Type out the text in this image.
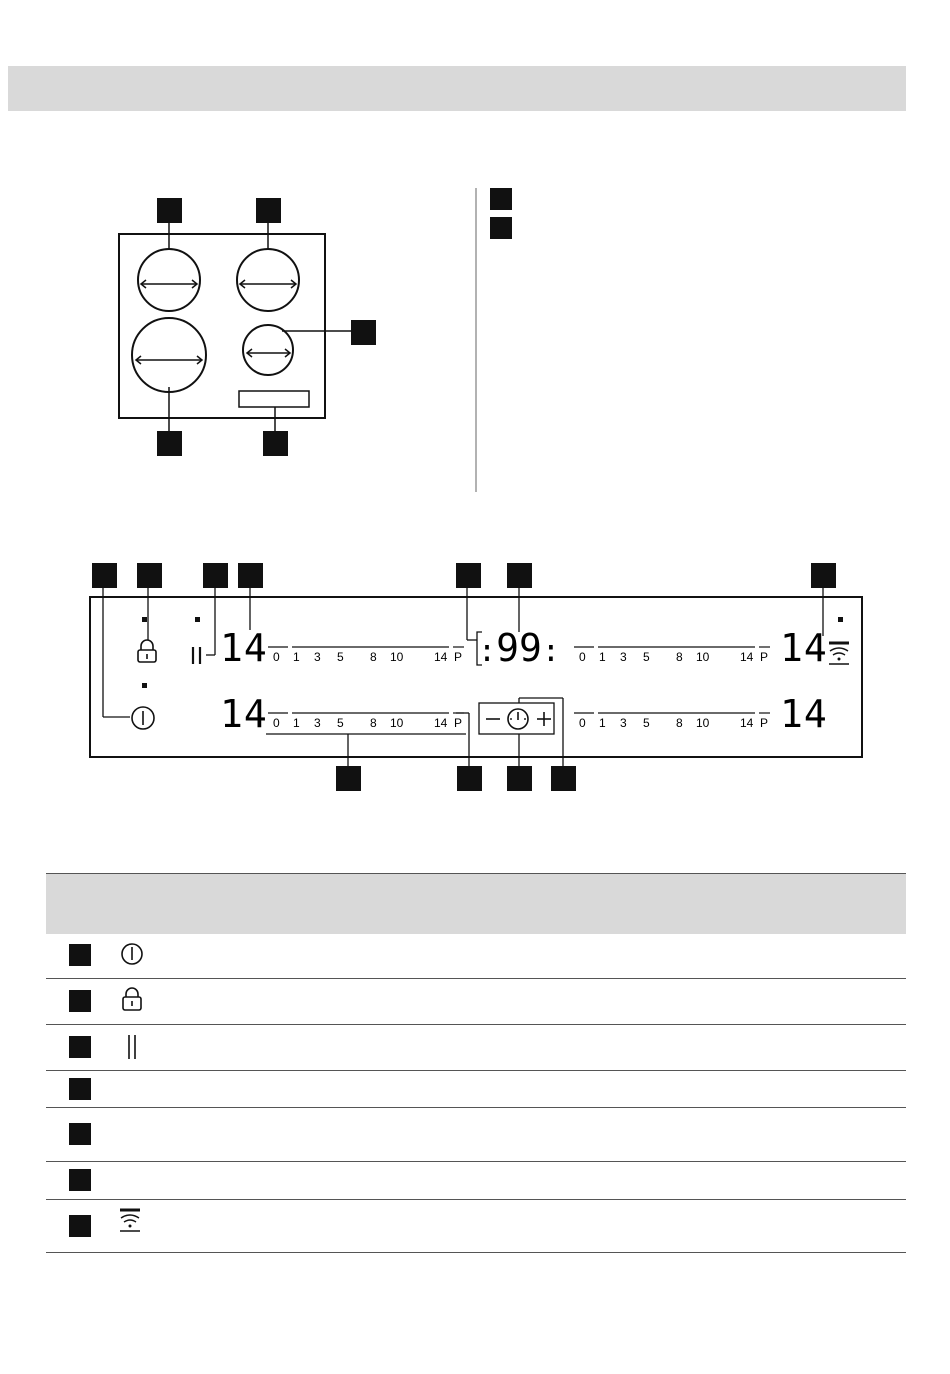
14
14
14
14
:99:
0 1 3 5 8 10	14 P
0 1 3 5 8 10	14 P
0 1 3 5 8 10	14 P
0 1 3 5 8 10	14 P
